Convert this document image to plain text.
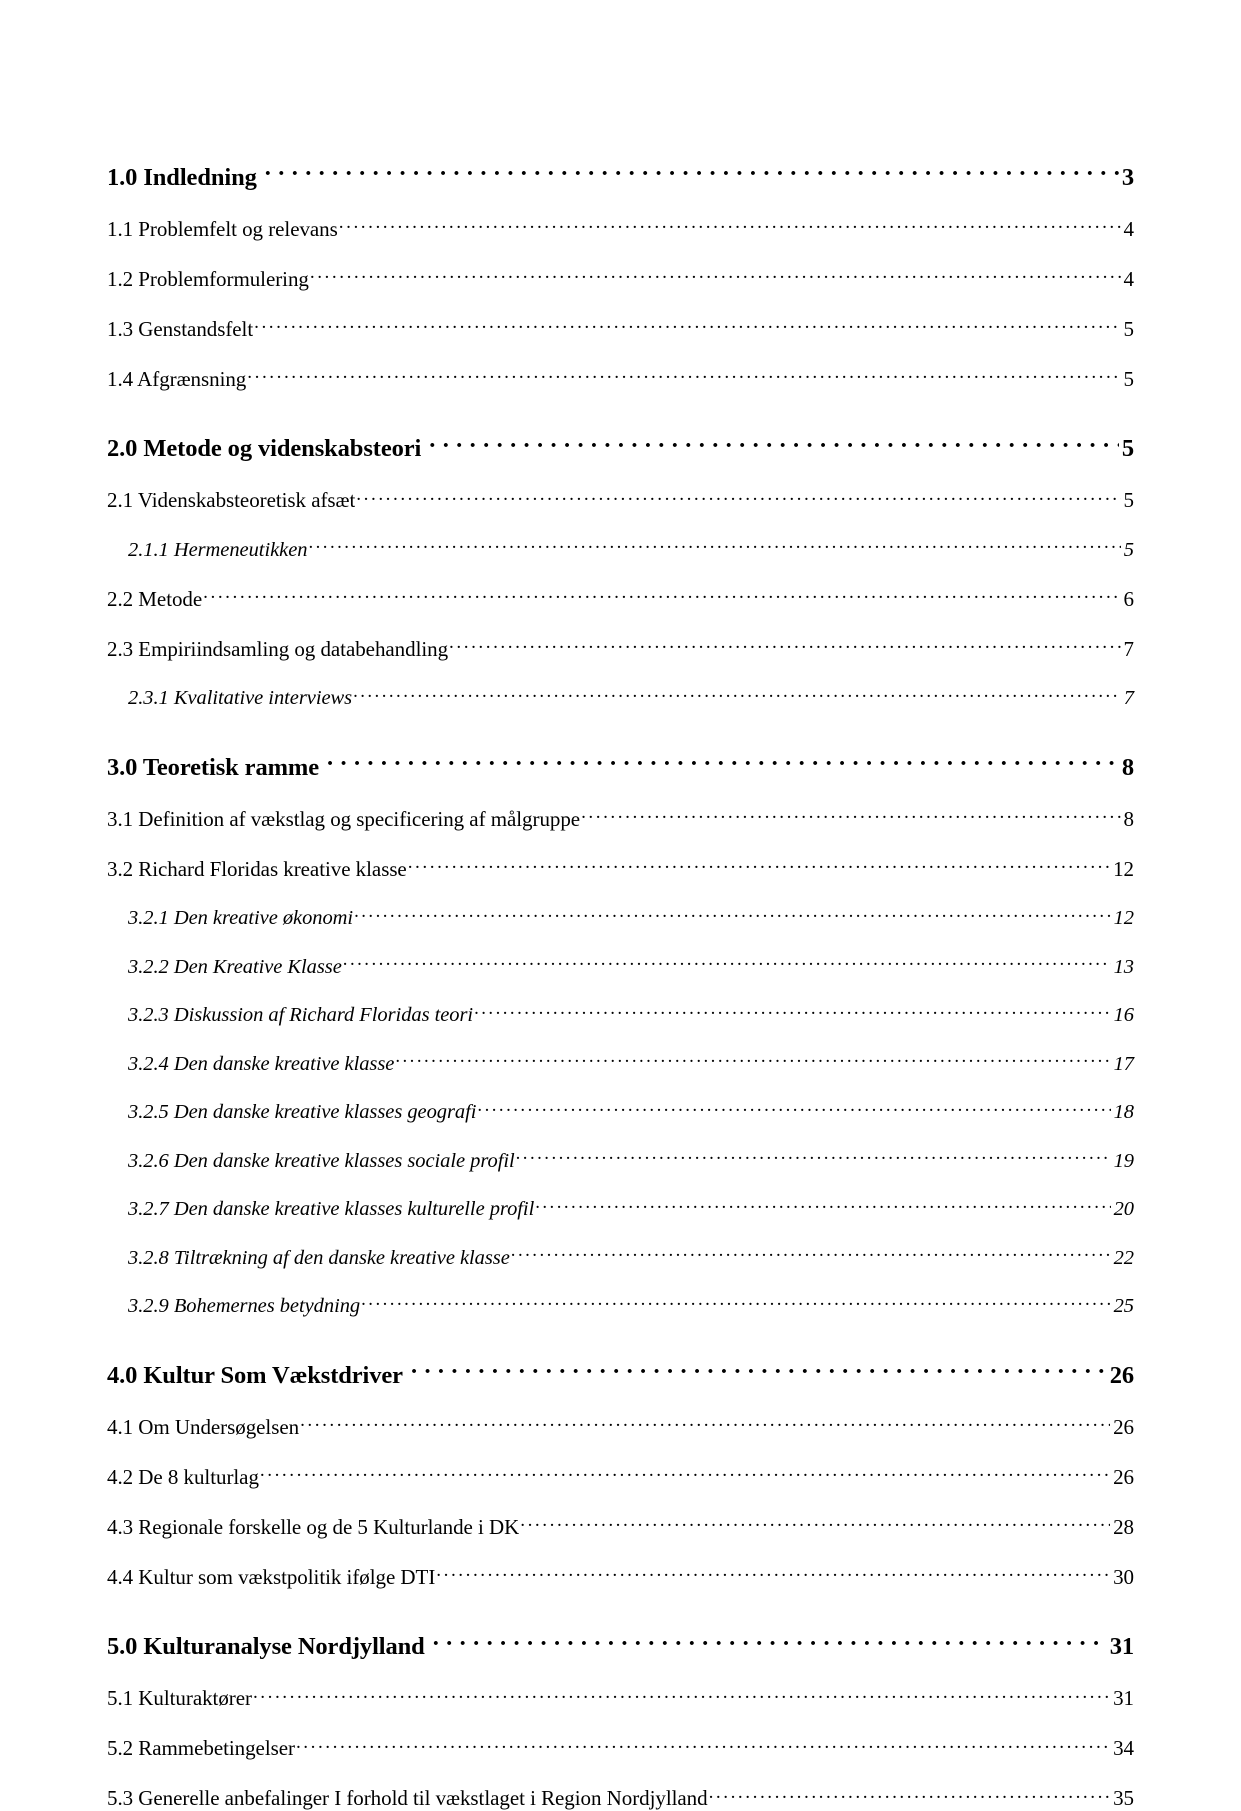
1.0 Indledning .....	3
1.1 Problemfelt og relevans .....	4
1.2 Problemformulering .....	4
1.3 Genstandsfelt .....	5
1.4 Afgrænsning .....	5
2.0 Metode og videnskabsteori .....	5
2.1 Videnskabsteoretisk afsæt .....	5
2.1.1 Hermeneutikken .....	5
2.2 Metode .....	6
2.3 Empiriindsamling og databehandling .....	7
2.3.1 Kvalitative interviews .....	7
3.0 Teoretisk ramme .....	8
3.1 Definition af vækstlag og specificering af målgruppe .....	8
3.2 Richard Floridas kreative klasse .....	12
3.2.1 Den kreative økonomi .....	12
3.2.2 Den Kreative Klasse .....	13
3.2.3 Diskussion af Richard Floridas teori .....	16
3.2.4 Den danske kreative klasse .....	17
3.2.5 Den danske kreative klasses geografi .....	18
3.2.6 Den danske kreative klasses sociale profil .....	19
3.2.7 Den danske kreative klasses kulturelle profil .....	20
3.2.8 Tiltrækning af den danske kreative klasse .....	22
3.2.9 Bohemernes betydning .....	25
4.0 Kultur Som Vækstdriver .....	26
4.1 Om Undersøgelsen .....	26
4.2 De 8 kulturlag .....	26
4.3 Regionale forskelle og de 5 Kulturlande i DK .....	28
4.4 Kultur som vækstpolitik ifølge DTI .....	30
5.0 Kulturanalyse Nordjylland .....	31
5.1 Kulturaktører .....	31
5.2 Rammebetingelser .....	34
5.3 Generelle anbefalinger I forhold til vækstlaget i Region Nordjylland .....	35
